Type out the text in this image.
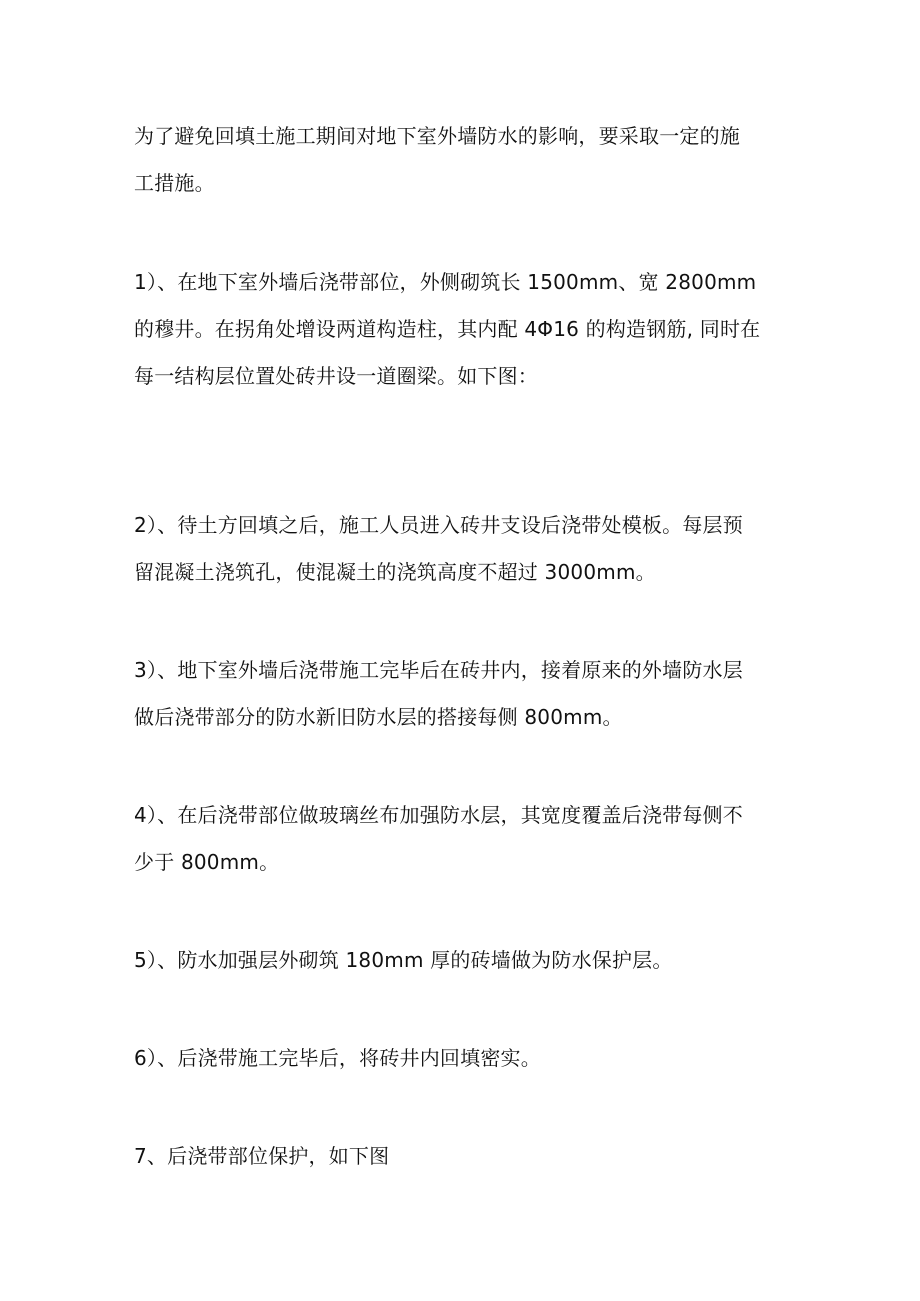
为了避免回填土施工期间对地下室外墙防水的影响，要采取一定的施
工措施。

1）、在地下室外墙后浇带部位，外侧砌筑长 1500mm、宽 2800mm
的穆井。在拐角处增设两道构造柱，其内配 4Φ16 的构造钢筋, 同时在
每一结构层位置处砖井设一道圈梁。如下图：

2）、待土方回填之后，施工人员进入砖井支设后浇带处模板。每层预
留混凝土浇筑孔，使混凝土的浇筑高度不超过 3000mm。

3）、地下室外墙后浇带施工完毕后在砖井内，接着原来的外墙防水层
做后浇带部分的防水新旧防水层的搭接每侧 800mm。

4）、在后浇带部位做玻璃丝布加强防水层，其宽度覆盖后浇带每侧不
少于 800mm。

5）、防水加强层外砌筑 180mm 厚的砖墙做为防水保护层。

6）、后浇带施工完毕后，将砖井内回填密实。

7、后浇带部位保护，如下图
